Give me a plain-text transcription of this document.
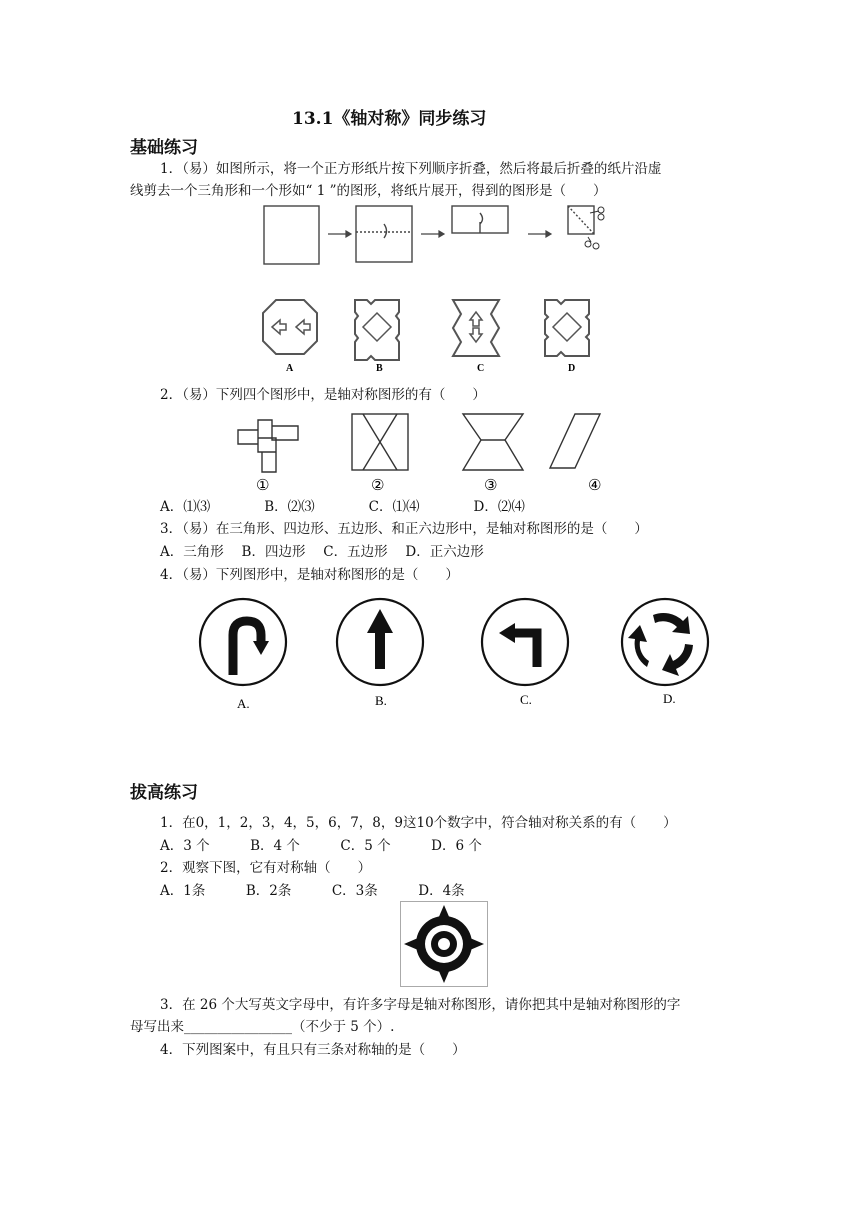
13.1《轴对称》同步练习
基础练习
1．（易）如图所示，将一个正方形纸片按下列顺序折叠，然后将最后折叠的纸片沿虚
线剪去一个三角形和一个形如“ 1 ”的图形，将纸片展开，得到的图形是（　　）
A	B	C	D
2．（易）下列四个图形中，是轴对称图形的有（　　）
①	②	③	④
A．⑴⑶　　　　B．⑵⑶　　　　C．⑴⑷　　　　D．⑵⑷
3．（易）在三角形、四边形、五边形、和正六边形中，是轴对称图形的是（　　）
A．三角形　 B．四边形　 C．五边形　 D．正六边形
4．（易）下列图形中，是轴对称图形的是（　　）
A.	B.	C.	D.
拔高练习
1．在0，1，2，3，4，5，6，7，8，9这10个数字中，符合轴对称关系的有（　　）
A．3 个　　　B．4 个　　　C．5 个　　　D．6 个
2．观察下图，它有对称轴（　　）
A．1条　　　B．2条　　　C．3条　　　D．4条
3．在 26 个大写英文字母中，有许多字母是轴对称图形，请你把其中是轴对称图形的字
母写出来________________（不少于 5 个）.
4．下列图案中，有且只有三条对称轴的是（　　）
